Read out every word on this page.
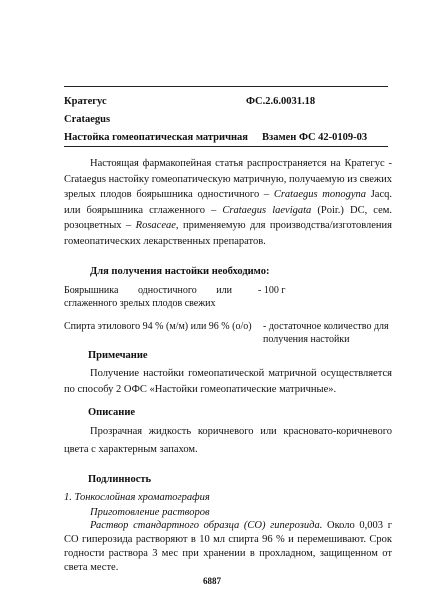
Кратегус	ФС.2.6.0031.18
Crataegus
Настойка гомеопатическая матричная Взамен ФС 42-0109-03
Настоящая фармакопейная статья распространяется на Кратегус - Crataegus настойку гомеопатическую матричную, получаемую из свежих зрелых плодов боярышника одностичного – Crataegus monogyna Jacq. или боярышника сглаженного – Crataegus laevigata (Poir.) DC, сем. розоцветных – Rosaceae, применяемую для производства/изготовления гомеопатических лекарственных препаратов.
Для получения настойки необходимо:
Боярышника одностичного или сглаженного зрелых плодов свежих
- 100 г
Спирта этилового 94 % (м/м) или 96 % (о/о)	- достаточное количество для получения настойки
Примечание
Получение настойки гомеопатической матричной осуществляется по способу 2 ОФС «Настойки гомеопатические матричные».
Описание
Прозрачная жидкость коричневого или красновато-коричневого цвета с характерным запахом.
Подлинность
1. Тонкослойная хроматография
Приготовление растворов
Раствор стандартного образца (СО) гиперозида. Около 0,003 г СО гиперозида растворяют в 10 мл спирта 96 % и перемешивают. Срок годности раствора 3 мес при хранении в прохладном, защищенном от света месте.
6887
